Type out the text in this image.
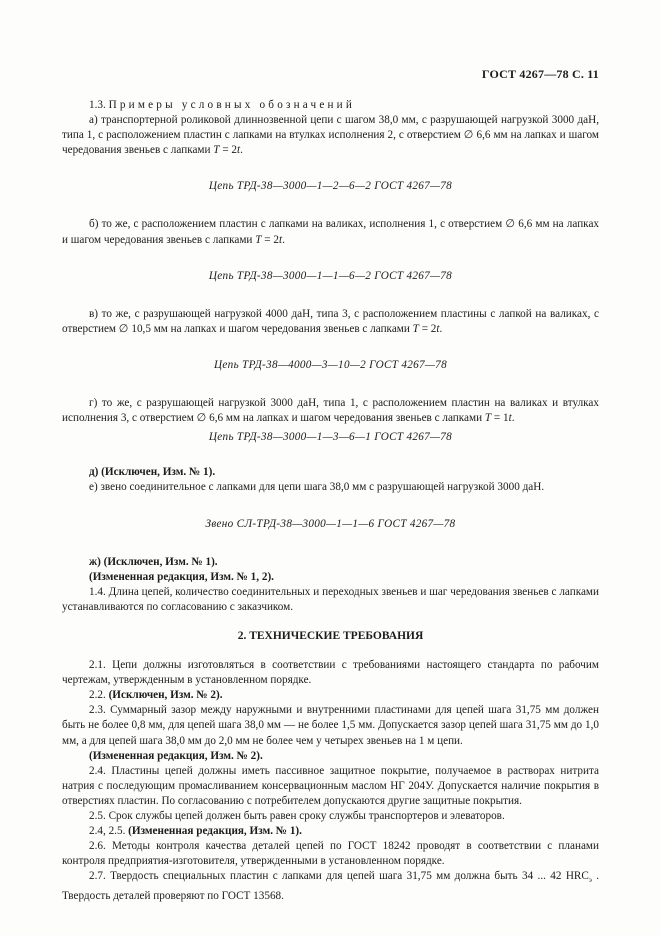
ГОСТ 4267—78 С. 11

1.3. Примеры условных обозначений

а) транспортерной роликовой длиннозвенной цепи с шагом 38,0 мм, с разрушающей нагрузкой 3000 даН, типа 1, с расположением пластин с лапками на втулках исполнения 2, с отверстием ∅ 6,6 мм на лапках и шагом чередования звеньев с лапками T = 2t.

Цепь ТРД-38—3000—1—2—6—2 ГОСТ 4267—78

б) то же, с расположением пластин с лапками на валиках, исполнения 1, с отверстием ∅ 6,6 мм на лапках и шагом чередования звеньев с лапками T = 2t.

Цепь ТРД-38—3000—1—1—6—2 ГОСТ 4267—78

в) то же, с разрушающей нагрузкой 4000 даН, типа 3, с расположением пластины с лапкой на валиках, с отверстием ∅ 10,5 мм на лапках и шагом чередования звеньев с лапками T = 2t.

Цепь ТРД-38—4000—3—10—2 ГОСТ 4267—78

г) то же, с разрушающей нагрузкой 3000 даН, типа 1, с расположением пластин на валиках и втулках исполнения 3, с отверстием ∅ 6,6 мм на лапках и шагом чередования звеньев с лапками T = 1t.

Цепь ТРД-38—3000—1—3—6—1 ГОСТ 4267—78

д) (Исключен, Изм. № 1).

е) звено соединительное с лапками для цепи шага 38,0 мм с разрушающей нагрузкой 3000 даН.

Звено СЛ-ТРД-38—3000—1—1—6 ГОСТ 4267—78

ж) (Исключен, Изм. № 1).

(Измененная редакция, Изм. № 1, 2).

1.4. Длина цепей, количество соединительных и переходных звеньев и шаг чередования звеньев с лапками устанавливаются по согласованию с заказчиком.

2. ТЕХНИЧЕСКИЕ ТРЕБОВАНИЯ

2.1. Цепи должны изготовляться в соответствии с требованиями настоящего стандарта по рабочим чертежам, утвержденным в установленном порядке.

2.2. (Исключен, Изм. № 2).

2.3. Суммарный зазор между наружными и внутренними пластинами для цепей шага 31,75 мм должен быть не более 0,8 мм, для цепей шага 38,0 мм — не более 1,5 мм. Допускается зазор цепей шага 31,75 мм до 1,0 мм, а для цепей шага 38,0 мм до 2,0 мм не более чем у четырех звеньев на 1 м цепи.

(Измененная редакция, Изм. № 2).

2.4. Пластины цепей должны иметь пассивное защитное покрытие, получаемое в растворах нитрита натрия с последующим промасливанием консервационным маслом НГ 204У. Допускается наличие покрытия в отверстиях пластин. По согласованию с потребителем допускаются другие защитные покрытия.

2.5. Срок службы цепей должен быть равен сроку службы транспортеров и элеваторов.

2.4, 2.5. (Измененная редакция, Изм. № 1).

2.6. Методы контроля качества деталей цепей по ГОСТ 18242 проводят в соответствии с планами контроля предприятия-изготовителя, утвержденными в установленном порядке.

2.7. Твердость специальных пластин с лапками для цепей шага 31,75 мм должна быть 34 ... 42 $HRC_э$ . Твердость деталей проверяют по ГОСТ 13568.
